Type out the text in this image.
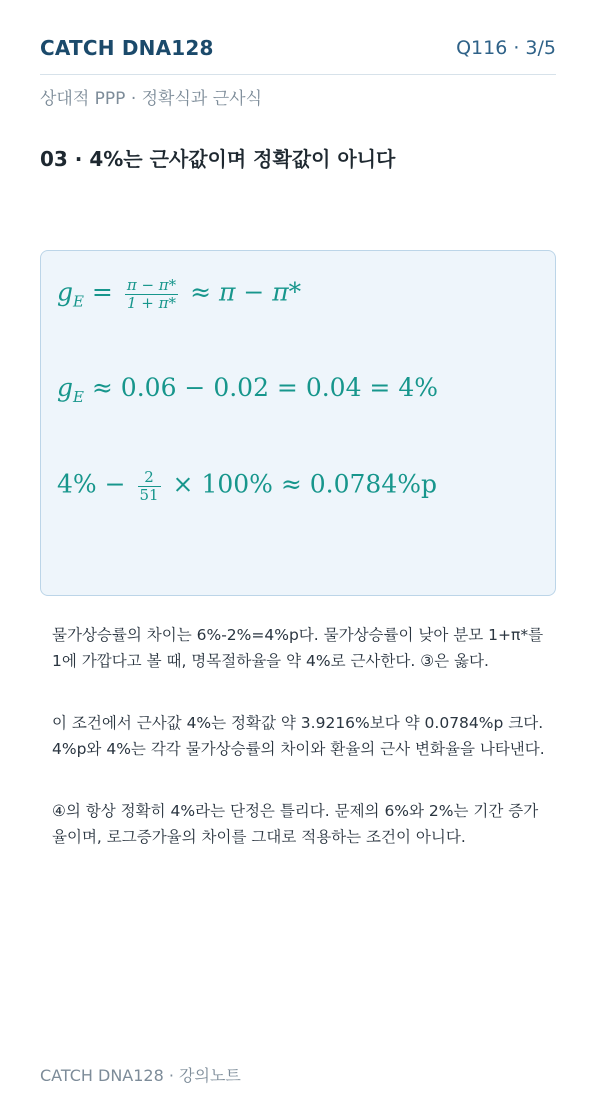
CATCH DNA128	Q116 · 3/5
상대적 PPP · 정확식과 근사식
03 · 4%는 근사값이며 정확값이 아니다
$g_E = \frac{\pi - \pi*}{1 + \pi*} \approx \pi - \pi*$
$g_E \approx 0.06 - 0.02 = 0.04 = 4\%$
$4\% - \frac{2}{51} \times 100\% \approx 0.0784\%p$
물가상승률의 차이는 6%-2%=4%p다. 물가상승률이 낮아 분모 1+π*를 1에 가깝다고 볼 때, 명목절하율을 약 4%로 근사한다. ③은 옳다.
이 조건에서 근사값 4%는 정확값 약 3.9216%보다 약 0.0784%p 크다. 4%p와 4%는 각각 물가상승률의 차이와 환율의 근사 변화율을 나타낸다.
④의 항상 정확히 4%라는 단정은 틀리다. 문제의 6%와 2%는 기간 증가율이며, 로그증가율의 차이를 그대로 적용하는 조건이 아니다.
CATCH DNA128 · 강의노트
